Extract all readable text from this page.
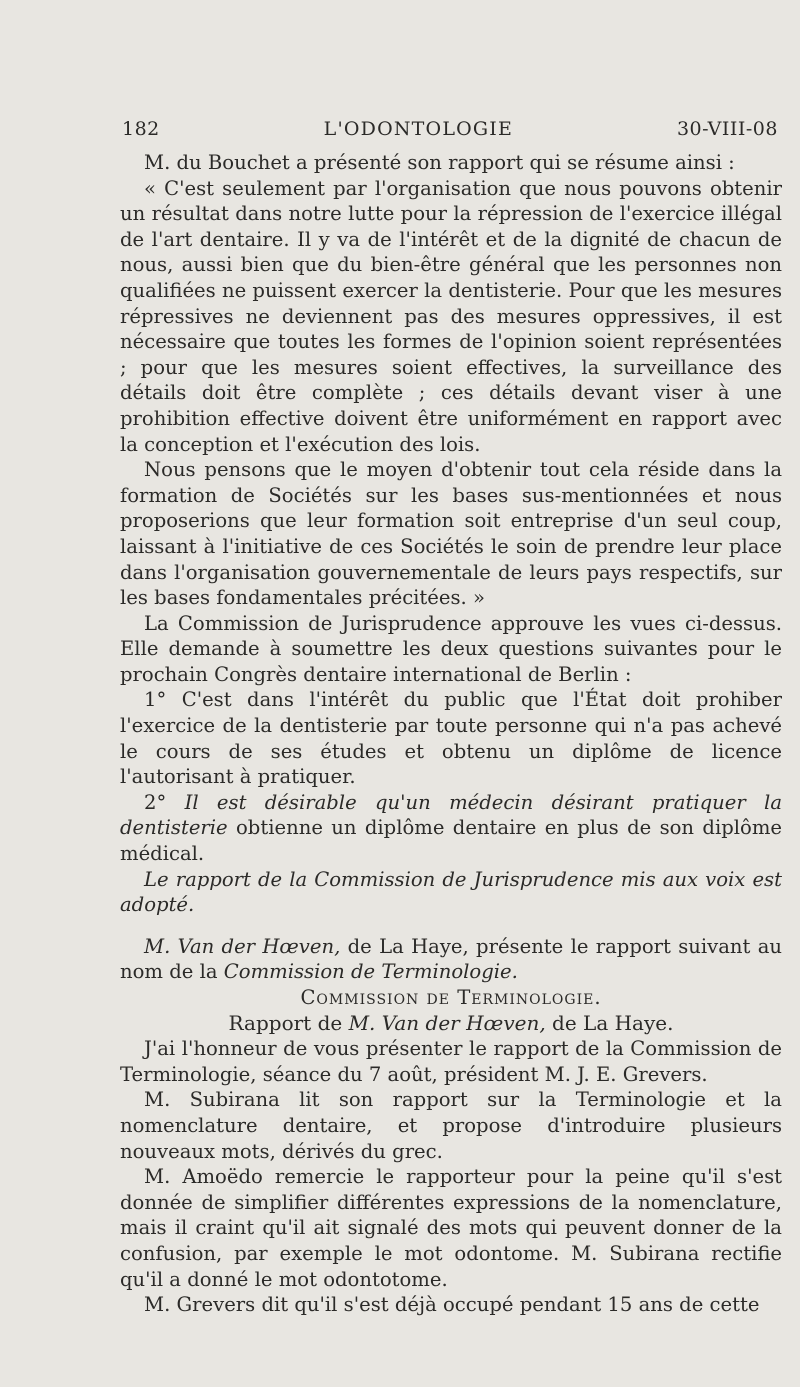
182	L'ODONTOLOGIE	30-VIII-08

M. du Bouchet a présenté son rapport qui se résume ainsi :

« C'est seulement par l'organisation que nous pouvons obtenir un résultat dans notre lutte pour la répression de l'exercice illégal de l'art dentaire. Il y va de l'intérêt et de la dignité de chacun de nous, aussi bien que du bien-être général que les personnes non qualifiées ne puissent exercer la dentisterie. Pour que les mesures répressives ne deviennent pas des mesures oppressives, il est nécessaire que toutes les formes de l'opinion soient représentées ; pour que les mesures soient effectives, la surveillance des détails doit être complète ; ces détails devant viser à une prohibition effective doivent être uniformément en rapport avec la conception et l'exécution des lois.

Nous pensons que le moyen d'obtenir tout cela réside dans la formation de Sociétés sur les bases sus-mentionnées et nous proposerions que leur formation soit entreprise d'un seul coup, laissant à l'initiative de ces Sociétés le soin de prendre leur place dans l'organisation gouvernementale de leurs pays respectifs, sur les bases fondamentales précitées. »

La Commission de Jurisprudence approuve les vues ci-dessus. Elle demande à soumettre les deux questions suivantes pour le prochain Congrès dentaire international de Berlin :

1° C'est dans l'intérêt du public que l'État doit prohiber l'exercice de la dentisterie par toute personne qui n'a pas achevé le cours de ses études et obtenu un diplôme de licence l'autorisant à pratiquer.

2° Il est désirable qu'un médecin désirant pratiquer la dentisterie obtienne un diplôme dentaire en plus de son diplôme médical.

Le rapport de la Commission de Jurisprudence mis aux voix est adopté.

M. Van der Hœven, de La Haye, présente le rapport suivant au nom de la Commission de Terminologie.

Commission de Terminologie.

Rapport de M. Van der Hœven, de La Haye.

J'ai l'honneur de vous présenter le rapport de la Commission de Terminologie, séance du 7 août, président M. J. E. Grevers.

M. Subirana lit son rapport sur la Terminologie et la nomenclature dentaire, et propose d'introduire plusieurs nouveaux mots, dérivés du grec.

M. Amoëdo remercie le rapporteur pour la peine qu'il s'est donnée de simplifier différentes expressions de la nomenclature, mais il craint qu'il ait signalé des mots qui peuvent donner de la confusion, par exemple le mot odontome. M. Subirana rectifie qu'il a donné le mot odontotome.

M. Grevers dit qu'il s'est déjà occupé pendant 15 ans de cette
